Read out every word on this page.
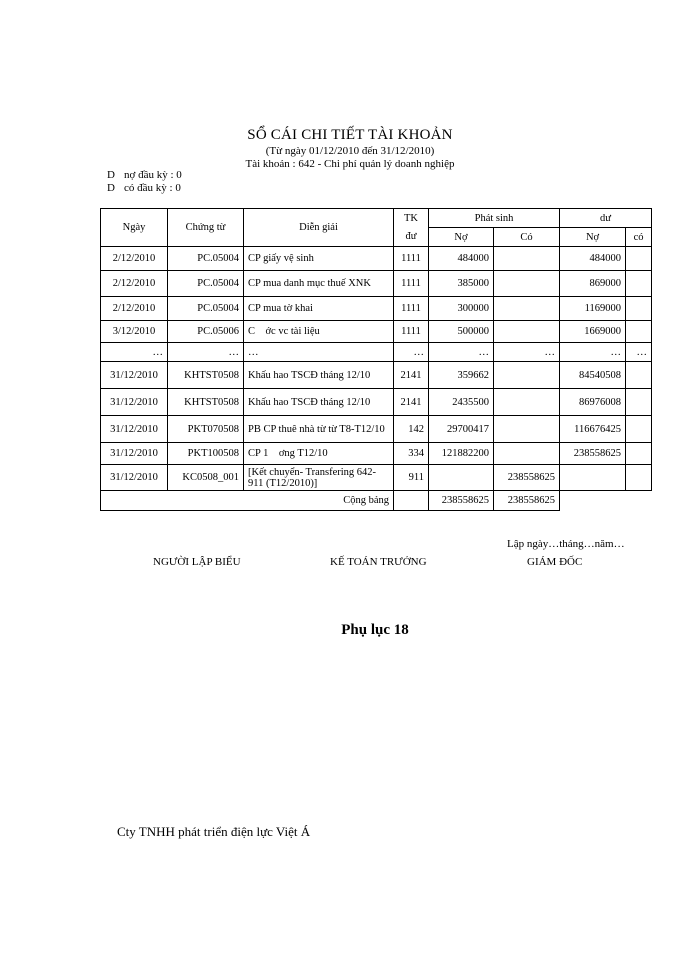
SỔ CÁI CHI TIẾT TÀI KHOẢN
(Từ ngày 01/12/2010 đến 31/12/2010)
Tài khoản : 642 - Chi phí quản lý doanh nghiệp
D nợ đầu kỳ : 0
D có đầu kỳ : 0
Ngày	Chứng từ	Diễn giải	TK	Phát sinh		dư	
			đư	Nợ	Có	Nợ	có
2/12/2010	PC.05004	CP giấy vệ sinh	1111	484000		484000	
2/12/2010	PC.05004	CP mua danh mục thuế XNK	1111	385000		869000	
2/12/2010	PC.05004	CP mua tờ khai	1111	300000		1169000	
3/12/2010	PC.05006	C    ớc vc tài liệu	1111	500000		1669000	
…	…	…	…	…	…	…	…
31/12/2010	KHTST0508	Khấu hao TSCĐ tháng 12/10	2141	359662		84540508	
31/12/2010	KHTST0508	Khấu hao TSCĐ tháng 12/10	2141	2435500		86976008	
31/12/2010	PKT070508	PB CP thuê nhà từ từ T8-T12/10	142	29700417		116676425	
31/12/2010	PKT100508	CP 1    ơng T12/10	334	121882200		238558625	
31/12/2010	KC0508_001	[Kết chuyển- Transfering 642-911 (T12/2010)]	911		238558625		
Cộng bảng				238558625	238558625		
Lập ngày…tháng…năm…
NGƯỜI LẬP BIỂU	KẾ TOÁN TRƯỞNG	GIÁM ĐỐC
Phụ lục 18
Cty TNHH phát triển điện lực Việt Á
